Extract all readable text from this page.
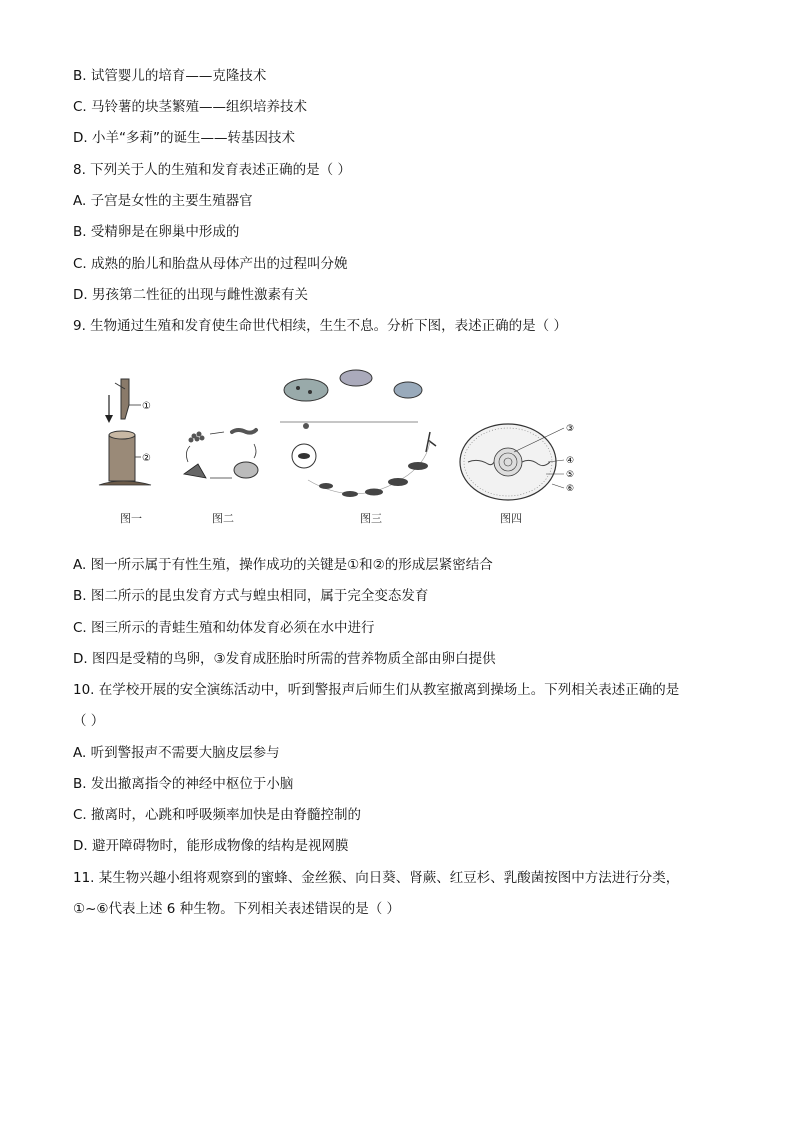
B. 试管婴儿的培育——克隆技术
C. 马铃薯的块茎繁殖——组织培养技术
D. 小羊“多莉”的诞生——转基因技术
8. 下列关于人的生殖和发育表述正确的是（ ）
A. 子宫是女性的主要生殖器官
B. 受精卵是在卵巢中形成的
C. 成熟的胎儿和胎盘从母体产出的过程叫分娩
D. 男孩第二性征的出现与雌性激素有关
9. 生物通过生殖和发育使生命世代相续，生生不息。分析下图，表述正确的是（ ）
①
②
图一	图二	图三
③
④
⑤
⑥
图四
A. 图一所示属于有性生殖，操作成功的关键是①和②的形成层紧密结合
B. 图二所示的昆虫发育方式与蝗虫相同，属于完全变态发育
C. 图三所示的青蛙生殖和幼体发育必须在水中进行
D. 图四是受精的鸟卵，③发育成胚胎时所需的营养物质全部由卵白提供
10. 在学校开展的安全演练活动中，听到警报声后师生们从教室撤离到操场上。下列相关表述正确的是
（ ）
A. 听到警报声不需要大脑皮层参与
B. 发出撤离指令的神经中枢位于小脑
C. 撤离时，心跳和呼吸频率加快是由脊髓控制的
D. 避开障碍物时，能形成物像的结构是视网膜
11. 某生物兴趣小组将观察到的蜜蜂、金丝猴、向日葵、肾蕨、红豆杉、乳酸菌按图中方法进行分类，
①~⑥代表上述 6 种生物。下列相关表述错误的是（ ）
